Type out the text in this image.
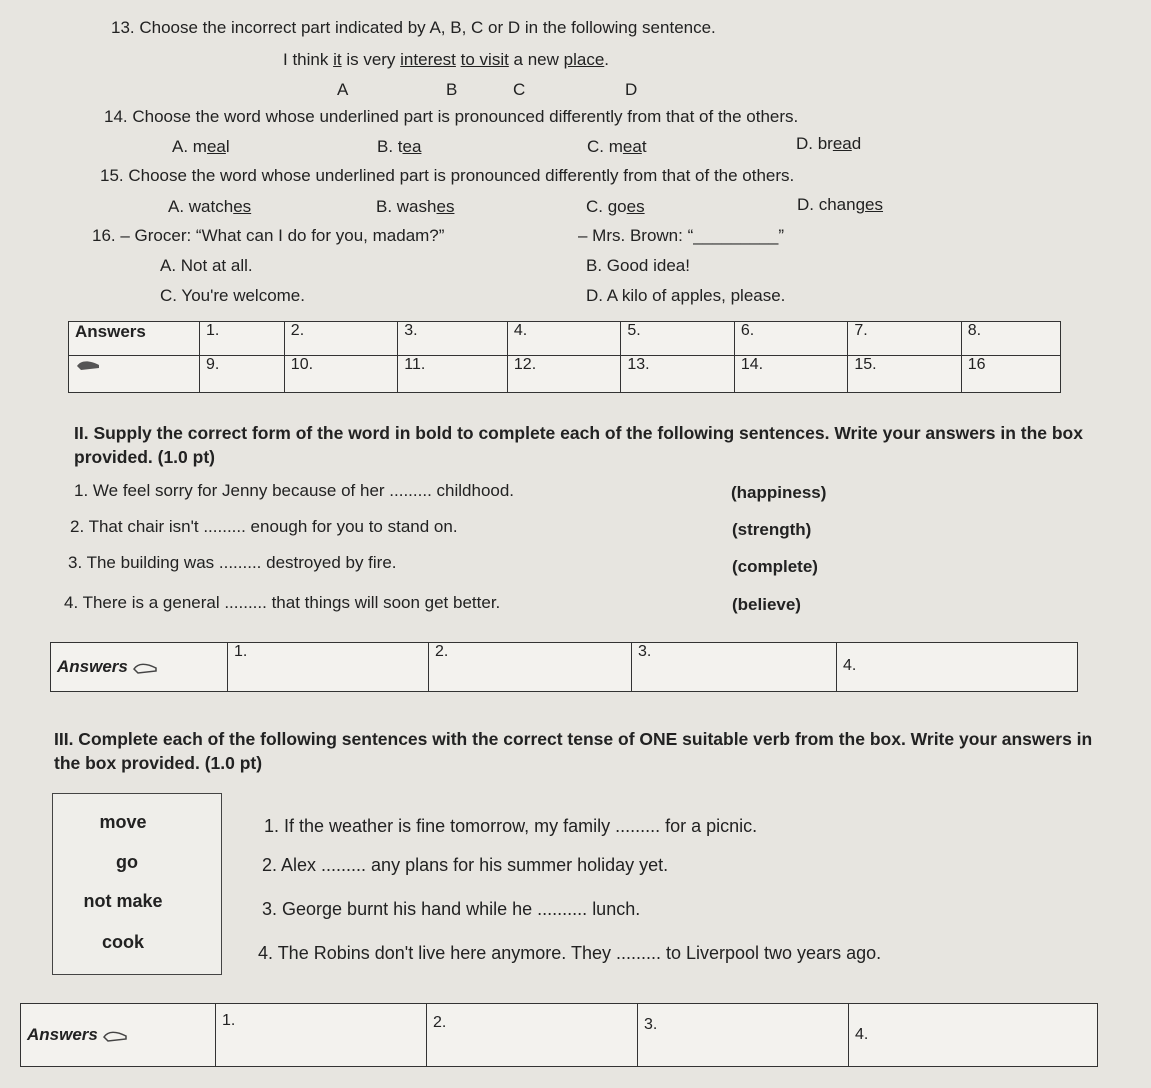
13. Choose the incorrect part indicated by A, B, C or D in the following sentence.
I think it is very interest to visit a new place.
A	B	C	D
14. Choose the word whose underlined part is pronounced differently from that of the others.
A. meal	B. tea	C. meat	D. bread
15. Choose the word whose underlined part is pronounced differently from that of the others.
A. watches	B. washes	C. goes	D. changes
16. – Grocer: “What can I do for you, madam?”	– Mrs. Brown: “_________”
A. Not at all.	B. Good idea!
C. You're welcome.	D. A kilo of apples, please.
Answers	1.	2.	3.	4.	5.	6.	7.	8.
	9.	10.	11.	12.	13.	14.	15.	16
II. Supply the correct form of the word in bold to complete each of the following sentences. Write your answers in the box provided. (1.0 pt)
1. We feel sorry for Jenny because of her ......... childhood.	(happiness)
2. That chair isn't ......... enough for you to stand on.	(strength)
3. The building was ......... destroyed by fire.	(complete)
4. There is a general ......... that things will soon get better.	(believe)
Answers	1.	2.	3.	4.
III. Complete each of the following sentences with the correct tense of ONE suitable verb from the box. Write your answers in the box provided. (1.0 pt)
move
go
not make
cook
1. If the weather is fine tomorrow, my family ......... for a picnic.
2. Alex ......... any plans for his summer holiday yet.
3. George burnt his hand while he .......... lunch.
4. The Robins don't live here anymore. They ......... to Liverpool two years ago.
Answers	1.	2.	3.	4.
